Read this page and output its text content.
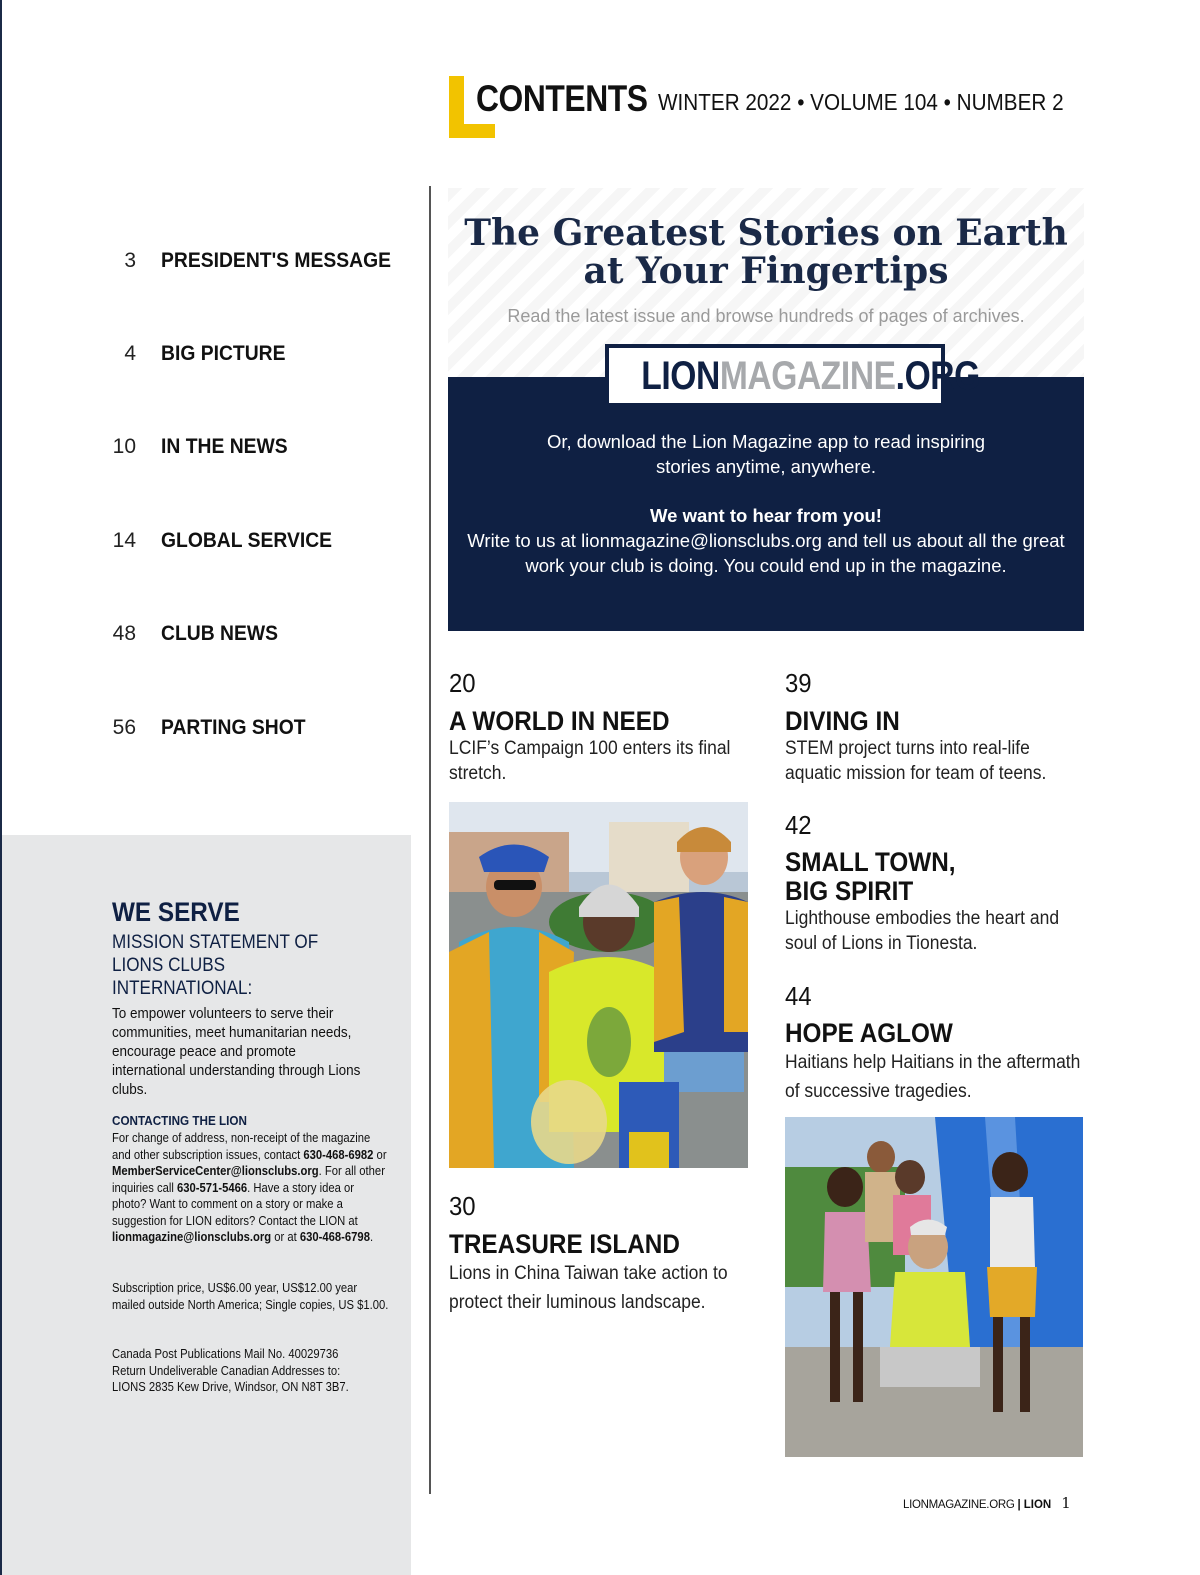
CONTENTS WINTER 2022 • VOLUME 104 • NUMBER 2
3 PRESIDENT'S MESSAGE
4 BIG PICTURE
10 IN THE NEWS
14 GLOBAL SERVICE
48 CLUB NEWS
56 PARTING SHOT
The Greatest Stories on Earth
at Your Fingertips
Read the latest issue and browse hundreds of pages of archives.
LIONMAGAZINE.ORG
Or, download the Lion Magazine app to read inspiring
stories anytime, anywhere.
We want to hear from you!
Write to us at lionmagazine@lionsclubs.org and tell us about all the great
work your club is doing. You could end up in the magazine.
20
A WORLD IN NEED
LCIF’s Campaign 100 enters its final stretch.
30
TREASURE ISLAND
Lions in China Taiwan take action to protect their luminous landscape.
39
DIVING IN
STEM project turns into real-life aquatic mission for team of teens.
42
SMALL TOWN,
BIG SPIRIT
Lighthouse embodies the heart and soul of Lions in Tionesta.
44
HOPE AGLOW
Haitians help Haitians in the aftermath of successive tragedies.
WE SERVE
MISSION STATEMENT OF LIONS CLUBS INTERNATIONAL:
To empower volunteers to serve their communities, meet humanitarian needs, encourage peace and promote international understanding through Lions clubs.
CONTACTING THE LION
For change of address, non-receipt of the magazine and other subscription issues, contact 630-468-6982 or MemberServiceCenter@lionsclubs.org. For all other inquiries call 630-571-5466. Have a story idea or photo? Want to comment on a story or make a suggestion for LION editors? Contact the LION at lionmagazine@lionsclubs.org or at 630-468-6798.
Subscription price, US$6.00 year, US$12.00 year mailed outside North America; Single copies, US $1.00.
Canada Post Publications Mail No. 40029736
Return Undeliverable Canadian Addresses to:
LIONS 2835 Kew Drive, Windsor, ON N8T 3B7.
LIONMAGAZINE.ORG | LION 1
